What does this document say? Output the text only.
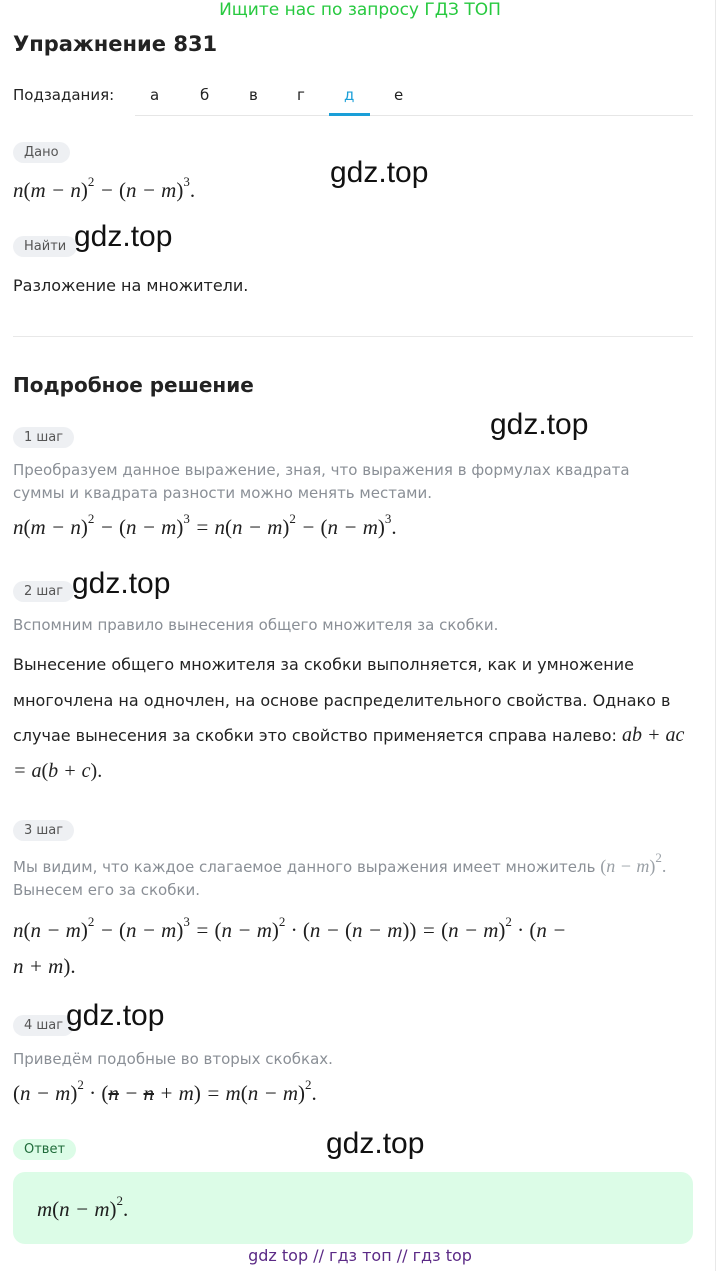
Ищите нас по запросу ГДЗ ТОП
Упражнение 831
Подзадания: а	б	в	г	д	е
Дано
$n(m - n)^2 - (n - m)^3$.
Найти
Разложение на множители.
Подробное решение
1 шаг
Преобразуем данное выражение, зная, что выражения в формулах квадрата суммы и квадрата разности можно менять местами.
$n(m - n)^2 - (n - m)^3 = n(n - m)^2 - (n - m)^3$.
2 шаг
Вспомним правило вынесения общего множителя за скобки.
Вынесение общего множителя за скобки выполняется, как и умножение многочлена на одночлен, на основе распределительного свойства. Однако в случае вынесения за скобки это свойство применяется справа налево: ab + ac = a(b + c).
3 шаг
Мы видим, что каждое слагаемое данного выражения имеет множитель $(n - m)^2$.
Вынесем его за скобки.
$n(n - m)^2 - (n - m)^3 = (n - m)^2 \cdot (n - (n - m)) = (n - m)^2 \cdot (n$ −
n + m).
4 шаг
Приведём подобные во вторых скобках.
$(n - m)^2 \cdot (n - n + m) = m(n - m)^2$.
Ответ
$m(n - m)^2$.
gdz.top
gdz.top
gdz.top
gdz.top
gdz.top
gdz.top
gdz top // гдз топ // гдз top
